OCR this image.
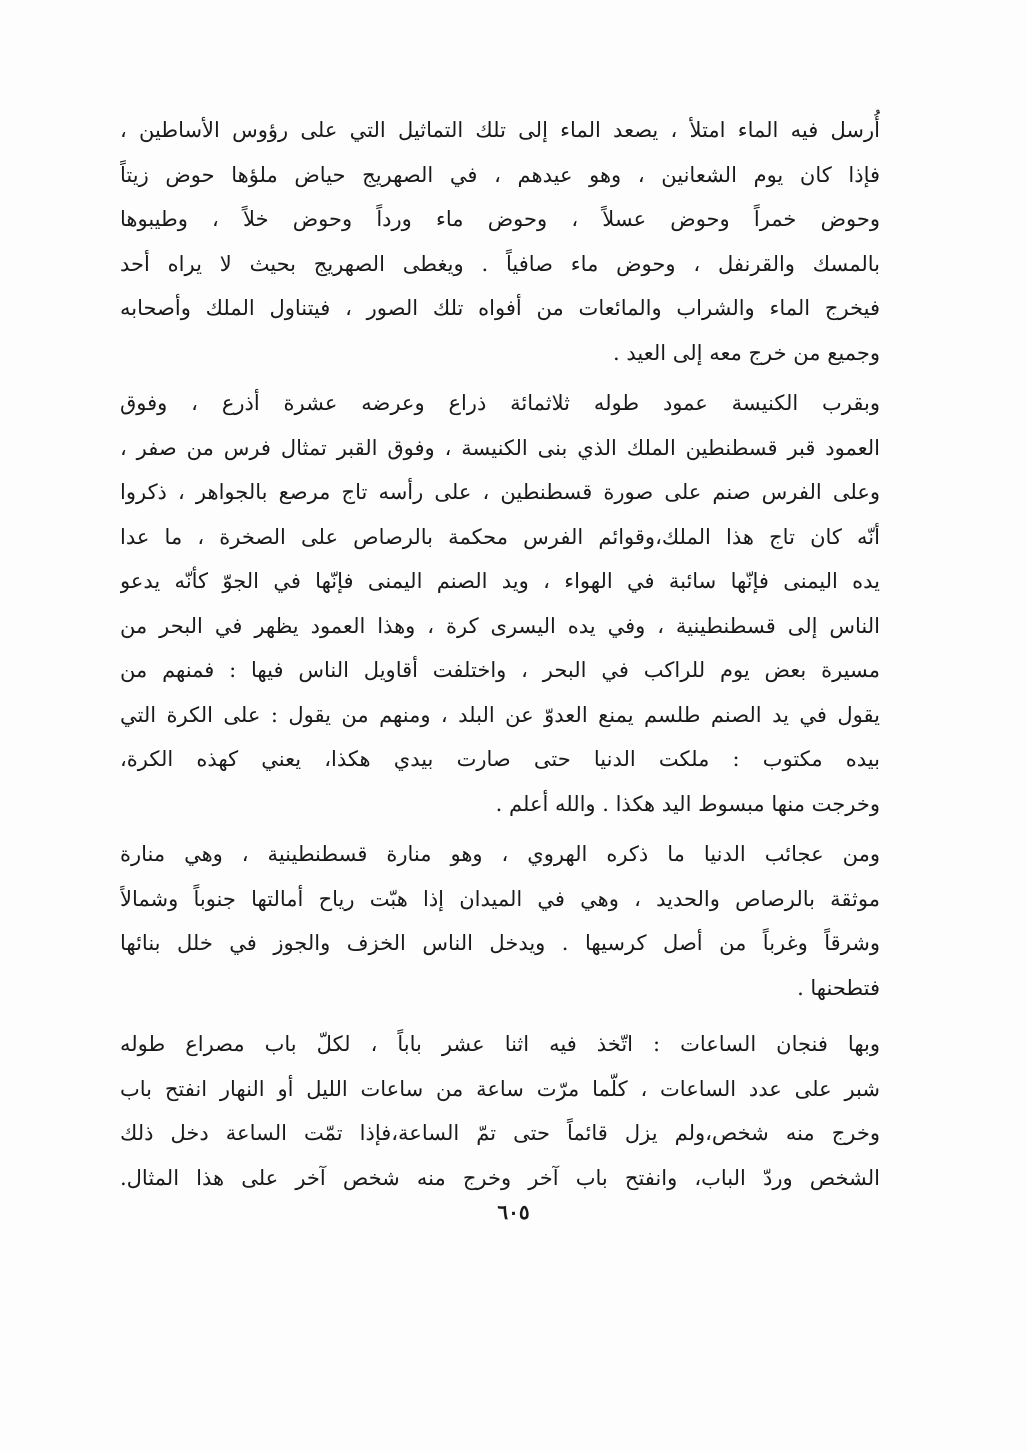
أُرسل فيه الماء امتلأ ، يصعد الماء إلى تلك التماثيل التي على رؤوس الأساطين ،
فإذا كان يوم الشعانين ، وهو عيدهم ، في الصهريج حياض ملؤها حوض زيتاً
وحوض خمراً وحوض عسلاً ، وحوض ماء ورداً وحوض خلاً ، وطيبوها
بالمسك والقرنفل ، وحوض ماء صافياً . ويغطى الصهريج بحيث لا يراه أحد
فيخرج الماء والشراب والمائعات من أفواه تلك الصور ، فيتناول الملك وأصحابه
وجميع من خرج معه إلى العيد .
وبقرب الكنيسة عمود طوله ثلاثمائة ذراع وعرضه عشرة أذرع ، وفوق
العمود قبر قسطنطين الملك الذي بنى الكنيسة ، وفوق القبر تمثال فرس من صفر ،
وعلى الفرس صنم على صورة قسطنطين ، على رأسه تاج مرصع بالجواهر ، ذكروا
أنّه كان تاج هذا الملك،وقوائم الفرس محكمة بالرصاص على الصخرة ، ما عدا
يده اليمنى فإنّها سائبة في الهواء ، ويد الصنم اليمنى فإنّها في الجوّ كأنّه يدعو
الناس إلى قسطنطينية ، وفي يده اليسرى كرة ، وهذا العمود يظهر في البحر من
مسيرة بعض يوم للراكب في البحر ، واختلفت أقاويل الناس فيها : فمنهم من
يقول في يد الصنم طلسم يمنع العدوّ عن البلد ، ومنهم من يقول : على الكرة التي
بيده مكتوب : ملكت الدنيا حتى صارت بيدي هكذا، يعني كهذه الكرة،
وخرجت منها مبسوط اليد هكذا . والله أعلم .
ومن عجائب الدنيا ما ذكره الهروي ، وهو منارة قسطنطينية ، وهي منارة
موثقة بالرصاص والحديد ، وهي في الميدان إذا هبّت رياح أمالتها جنوباً وشمالاً
وشرقاً وغرباً من أصل كرسيها . ويدخل الناس الخزف والجوز في خلل بنائها
فتطحنها .
وبها فنجان الساعات : اتّخذ فيه اثنا عشر باباً ، لكلّ باب مصراع طوله
شبر على عدد الساعات ، كلّما مرّت ساعة من ساعات الليل أو النهار انفتح باب
وخرج منه شخص،ولم يزل قائماً حتى تمّ الساعة،فإذا تمّت الساعة دخل ذلك
الشخص وردّ الباب، وانفتح باب آخر وخرج منه شخص آخر على هذا المثال.
٦٠٥
